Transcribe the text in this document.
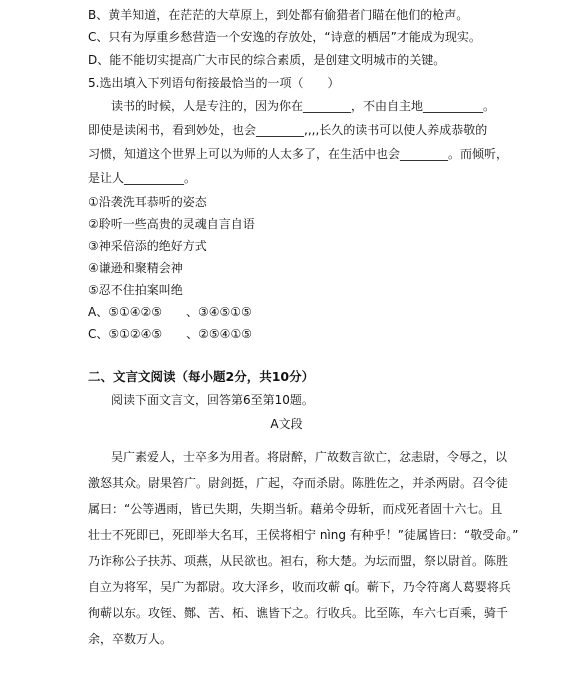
B、黄羊知道，在茫茫的大草原上，到处都有偷猎者门瞄在他们的枪声。
C、只有为厚重乡愁营造一个安逸的存放处，“诗意的栖居”才能成为现实。
D、能不能切实提高广大市民的综合素质，是创建文明城市的关键。
5.选出填入下列语句衔接最恰当的一项（　　）
读书的时候，人是专注的，因为你在________，不由自主地__________。
即使是读闲书，看到妙处，也会________,,,,长久的读书可以使人养成恭敬的
习惯，知道这个世界上可以为师的人太多了，在生活中也会________。而倾听，
是让人__________。
①沿袭洗耳恭听的姿态
②聆听一些高贵的灵魂自言自语
③神采倍添的绝好方式
④谦逊和聚精会神
⑤忍不住拍案叫绝
A、⑤①④②⑤　　、③④⑤①⑤
C、⑤①②④⑤　　、②⑤④①⑤
二、文言文阅读（每小题2分，共10分）
阅读下面文言文，回答第6至第10题。
A文段
吴广素爱人，士卒多为用者。将尉醉，广故数言欲亡，忿恚尉，令辱之，以
激怒其众。尉果笞广。尉剑挺，广起，夺而杀尉。陈胜佐之，并杀两尉。召令徒
属曰：“公等遇雨，皆已失期，失期当斩。藉弟令毋斩，而戍死者固十六七。且
壮士不死即已，死即举大名耳，王侯将相宁 nìng 有种乎！”徒属皆曰：“敬受命。”
乃诈称公子扶苏、项燕，从民欲也。袒右，称大楚。为坛而盟，祭以尉首。陈胜
自立为将军，吴广为都尉。攻大泽乡，收而攻蕲 qí。蕲下，乃令符离人葛婴将兵
徇蕲以东。攻铚、酂、苦、柘、谯皆下之。行收兵。比至陈，车六七百乘，骑千
余，卒数万人。
